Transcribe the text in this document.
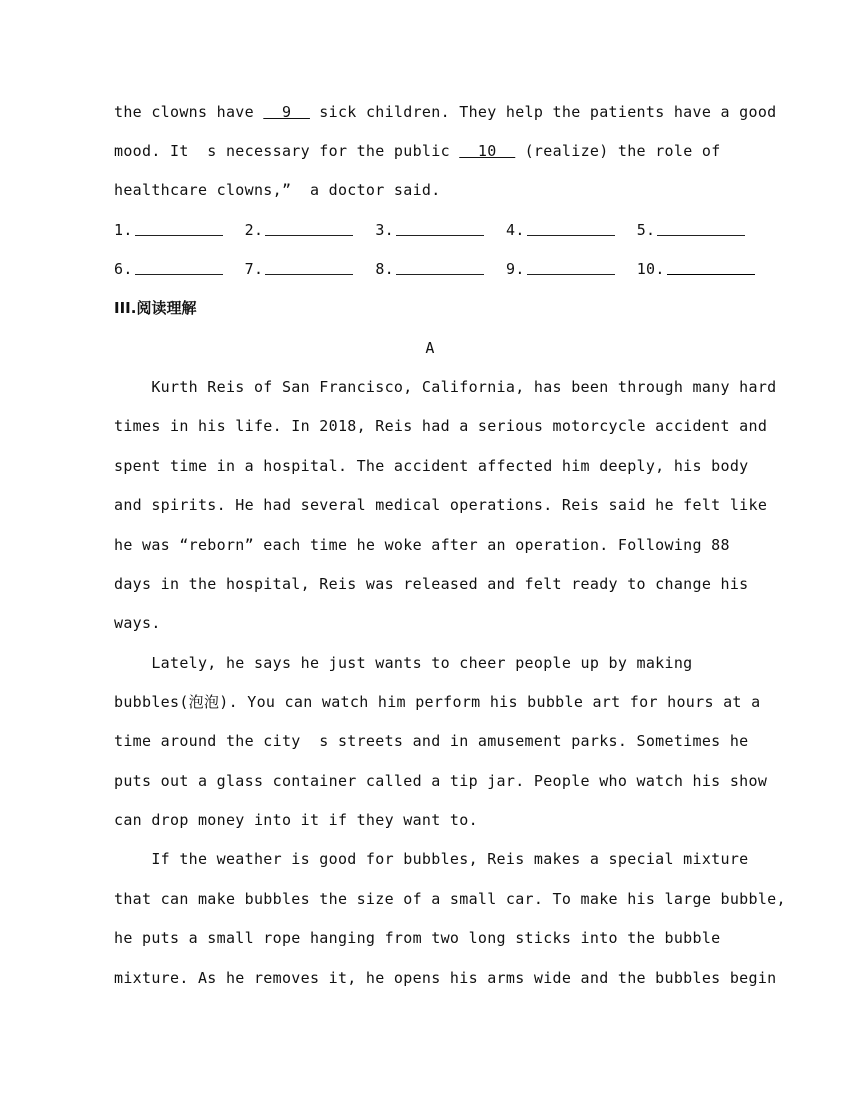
the clowns have   9   sick children. They help the patients have a good
mood. It  s necessary for the public   10   (realize) the role of
healthcare clowns,”  a doctor said.
1.	2.	3.	4.	5.
6.	7.	8.	9.	10.
III.阅读理解
A
Kurth Reis of San Francisco, California, has been through many hard
times in his life. In 2018, Reis had a serious motorcycle accident and
spent time in a hospital. The accident affected him deeply, his body
and spirits. He had several medical operations. Reis said he felt like
he was “reborn” each time he woke after an operation. Following 88
days in the hospital, Reis was released and felt ready to change his
ways.
Lately, he says he just wants to cheer people up by making
bubbles(泡泡). You can watch him perform his bubble art for hours at a
time around the city  s streets and in amusement parks. Sometimes he
puts out a glass container called a tip jar. People who watch his show
can drop money into it if they want to.
If the weather is good for bubbles, Reis makes a special mixture
that can make bubbles the size of a small car. To make his large bubble,
he puts a small rope hanging from two long sticks into the bubble
mixture. As he removes it, he opens his arms wide and the bubbles begin
